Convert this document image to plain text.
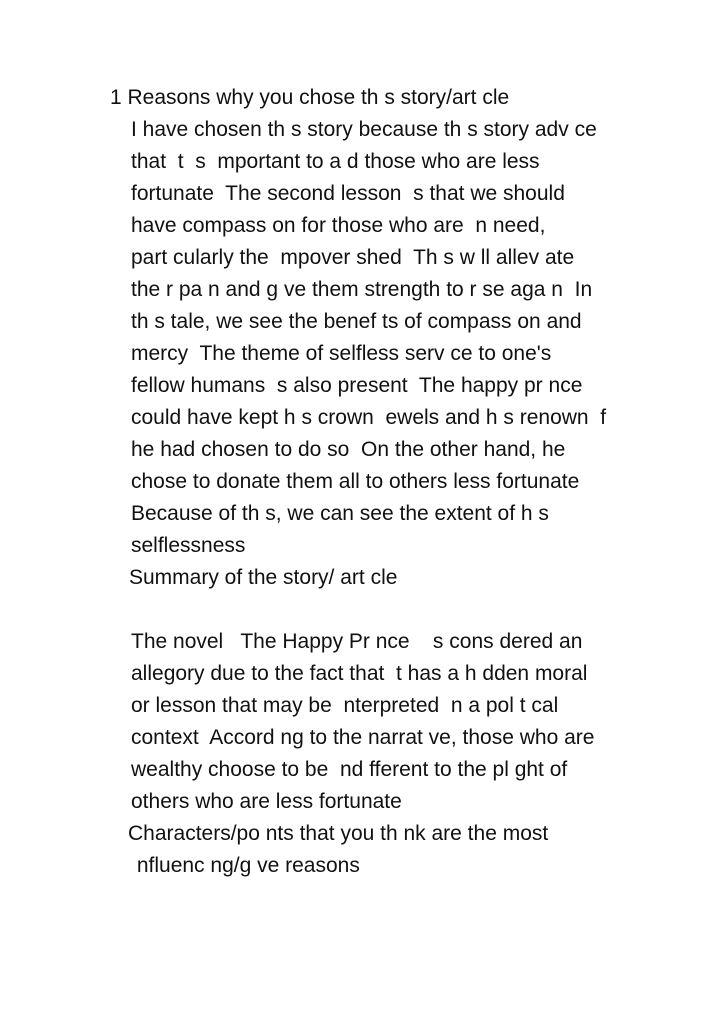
1 Reasons why you chose th s story/art cle
I have chosen th s story because th s story adv ce
that  t  s  mportant to a d those who are less
fortunate  The second lesson  s that we should
have compass on for those who are  n need,
part cularly the  mpover shed  Th s w ll allev ate
the r pa n and g ve them strength to r se aga n  In
th s tale, we see the benef ts of compass on and
mercy  The theme of selfless serv ce to one's
fellow humans  s also present  The happy pr nce
could have kept h s crown  ewels and h s renown  f
he had chosen to do so  On the other hand, he
chose to donate them all to others less fortunate
Because of th s, we can see the extent of h s
selflessness
Summary of the story/ art cle
The novel   The Happy Pr nce    s cons dered an
allegory due to the fact that  t has a h dden moral
or lesson that may be  nterpreted  n a pol t cal
context  Accord ng to the narrat ve, those who are
wealthy choose to be  nd fferent to the pl ght of
others who are less fortunate
Characters/po nts that you th nk are the most
nfluenc ng/g ve reasons
